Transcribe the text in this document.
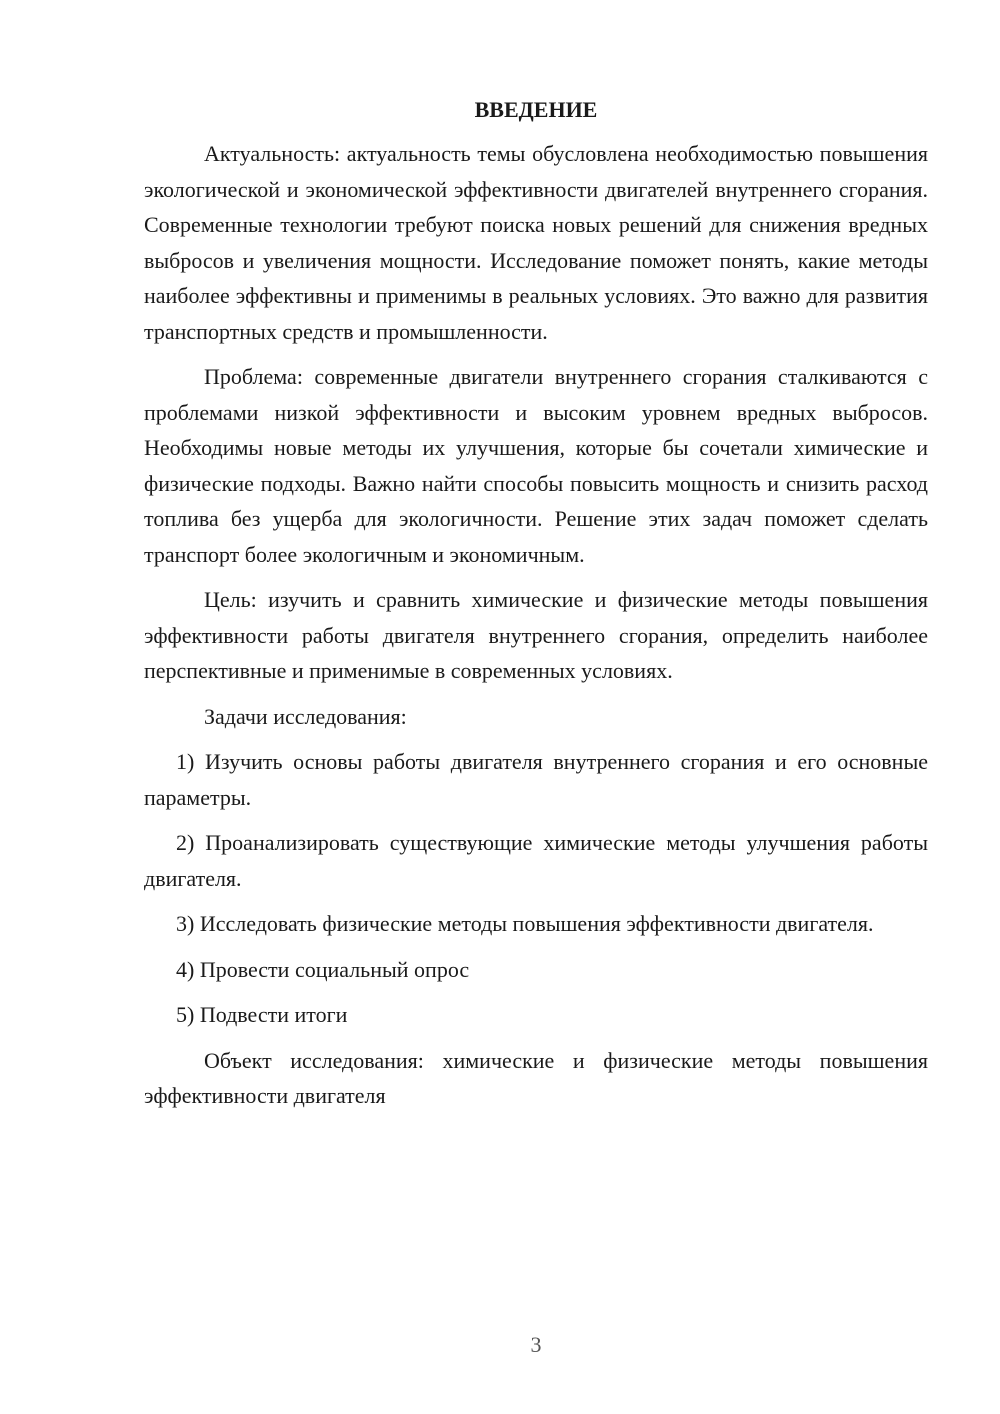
ВВЕДЕНИЕ

Актуальность: актуальность темы обусловлена необходимостью повышения экологической и экономической эффективности двигателей внутреннего сгорания. Современные технологии требуют поиска новых решений для снижения вредных выбросов и увеличения мощности. Исследование поможет понять, какие методы наиболее эффективны и применимы в реальных условиях. Это важно для развития транспортных средств и промышленности.

Проблема: современные двигатели внутреннего сгорания сталкиваются с проблемами низкой эффективности и высоким уровнем вредных выбросов. Необходимы новые методы их улучшения, которые бы сочетали химические и физические подходы. Важно найти способы повысить мощность и снизить расход топлива без ущерба для экологичности. Решение этих задач поможет сделать транспорт более экологичным и экономичным.

Цель: изучить и сравнить химические и физические методы повышения эффективности работы двигателя внутреннего сгорания, определить наиболее перспективные и применимые в современных условиях.

Задачи исследования:

1) Изучить основы работы двигателя внутреннего сгорания и его основные параметры.

2) Проанализировать существующие химические методы улучшения работы двигателя.

3) Исследовать физические методы повышения эффективности двигателя.

4) Провести социальный опрос

5) Подвести итоги

Объект исследования: химические и физические методы повышения эффективности двигателя

3
